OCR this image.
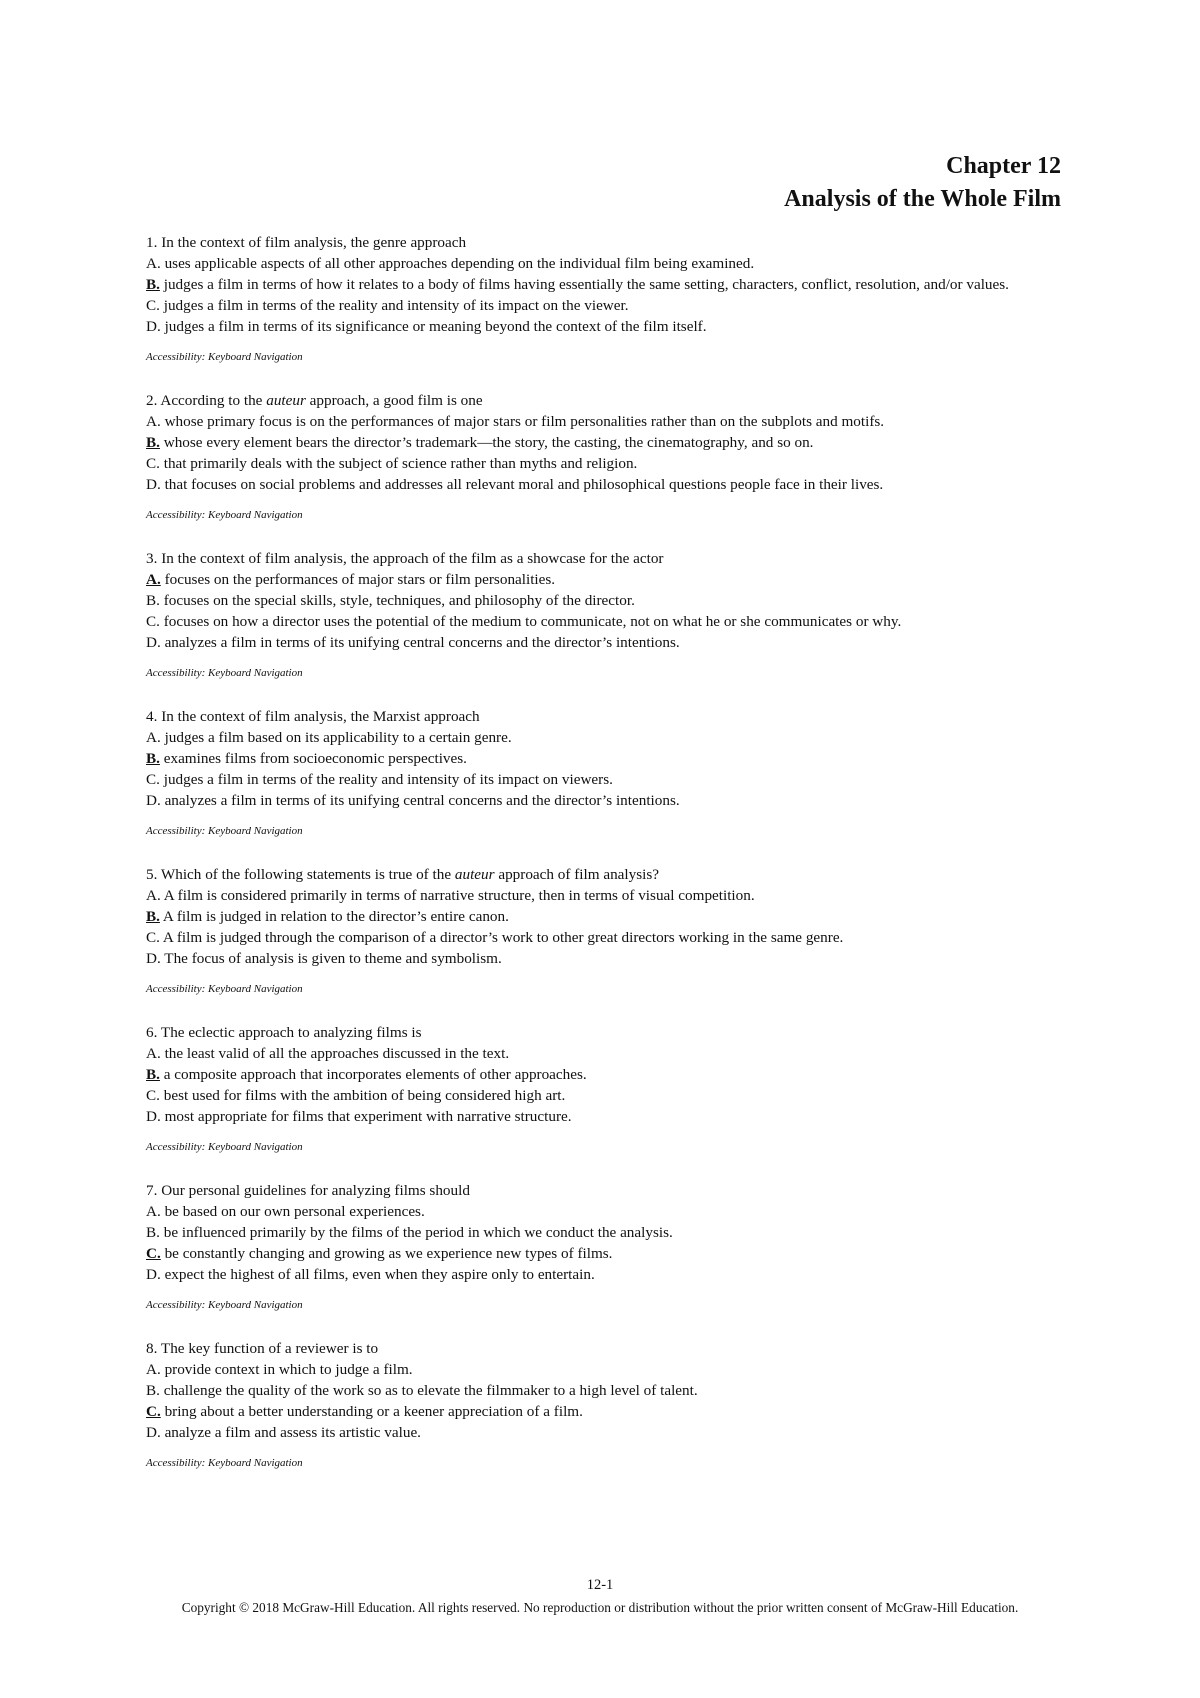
Chapter 12
Analysis of the Whole Film
1. In the context of film analysis, the genre approach
A. uses applicable aspects of all other approaches depending on the individual film being examined.
B. judges a film in terms of how it relates to a body of films having essentially the same setting, characters, conflict, resolution, and/or values.
C. judges a film in terms of the reality and intensity of its impact on the viewer.
D. judges a film in terms of its significance or meaning beyond the context of the film itself.
Accessibility: Keyboard Navigation
2. According to the auteur approach, a good film is one
A. whose primary focus is on the performances of major stars or film personalities rather than on the subplots and motifs.
B. whose every element bears the director’s trademark—the story, the casting, the cinematography, and so on.
C. that primarily deals with the subject of science rather than myths and religion.
D. that focuses on social problems and addresses all relevant moral and philosophical questions people face in their lives.
Accessibility: Keyboard Navigation
3. In the context of film analysis, the approach of the film as a showcase for the actor
A. focuses on the performances of major stars or film personalities.
B. focuses on the special skills, style, techniques, and philosophy of the director.
C. focuses on how a director uses the potential of the medium to communicate, not on what he or she communicates or why.
D. analyzes a film in terms of its unifying central concerns and the director’s intentions.
Accessibility: Keyboard Navigation
4. In the context of film analysis, the Marxist approach
A. judges a film based on its applicability to a certain genre.
B. examines films from socioeconomic perspectives.
C. judges a film in terms of the reality and intensity of its impact on viewers.
D. analyzes a film in terms of its unifying central concerns and the director’s intentions.
Accessibility: Keyboard Navigation
5. Which of the following statements is true of the auteur approach of film analysis?
A. A film is considered primarily in terms of narrative structure, then in terms of visual competition.
B. A film is judged in relation to the director’s entire canon.
C. A film is judged through the comparison of a director’s work to other great directors working in the same genre.
D. The focus of analysis is given to theme and symbolism.
Accessibility: Keyboard Navigation
6. The eclectic approach to analyzing films is
A. the least valid of all the approaches discussed in the text.
B. a composite approach that incorporates elements of other approaches.
C. best used for films with the ambition of being considered high art.
D. most appropriate for films that experiment with narrative structure.
Accessibility: Keyboard Navigation
7. Our personal guidelines for analyzing films should
A. be based on our own personal experiences.
B. be influenced primarily by the films of the period in which we conduct the analysis.
C. be constantly changing and growing as we experience new types of films.
D. expect the highest of all films, even when they aspire only to entertain.
Accessibility: Keyboard Navigation
8. The key function of a reviewer is to
A. provide context in which to judge a film.
B. challenge the quality of the work so as to elevate the filmmaker to a high level of talent.
C. bring about a better understanding or a keener appreciation of a film.
D. analyze a film and assess its artistic value.
Accessibility: Keyboard Navigation
12-1
Copyright © 2018 McGraw-Hill Education. All rights reserved. No reproduction or distribution without the prior written consent of McGraw-Hill Education.
